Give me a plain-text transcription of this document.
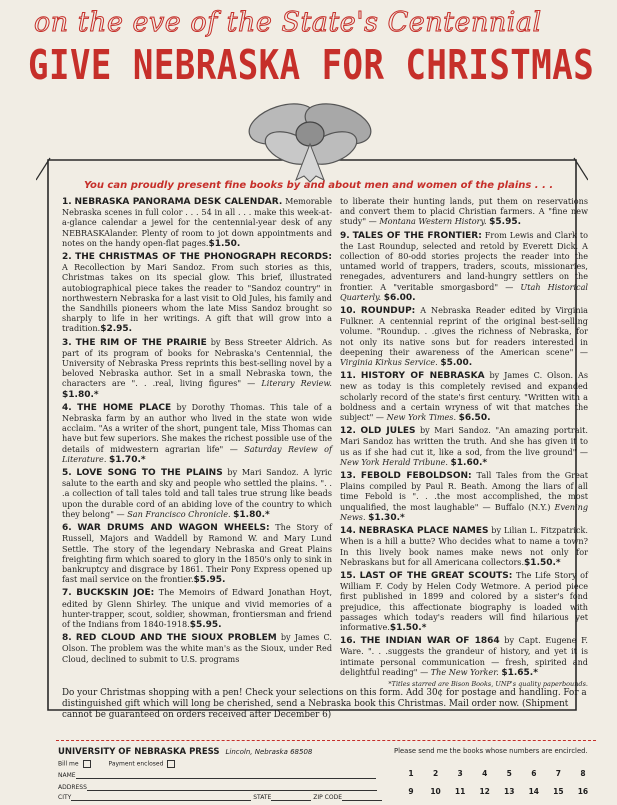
on the eve of the State's Centennial
GIVE NEBRASKA FOR CHRISTMAS
You can proudly present fine books by and about men and women of the plains . . .

1. NEBRASKA PANORAMA DESK CALENDAR. Memorable Nebraska scenes in full color . . . 54 in all . . . make this week-at-a-glance calendar a jewel for the centennial-year desk of any NEBRASKAlander. Plenty of room to jot down appointments and notes on the handy open-flat pages.$1.50.

2. THE CHRISTMAS OF THE PHONOGRAPH RECORDS: A Recollection by Mari Sandoz. From such stories as this, Christmas takes on its special glow. This brief, illustrated autobiographical piece takes the reader to "Sandoz country" in northwestern Nebraska for a last visit to Old Jules, his family and the Sandhills pioneers whom the late Miss Sandoz brought so sharply to life in her writings. A gift that will grow into a tradition.$2.95.

3. THE RIM OF THE PRAIRIE by Bess Streeter Aldrich. As part of its program of books for Nebraska's Centennial, the University of Nebraska Press reprints this best-selling novel by a beloved Nebraska author. Set in a small Nebraska town, the characters are ". . .real, living figures" — Literary Review. $1.80.*

4. THE HOME PLACE by Dorothy Thomas. This tale of a Nebraska farm by an author who lived in the state won wide acclaim. "As a writer of the short, pungent tale, Miss Thomas can have but few superiors. She makes the richest possible use of the details of midwestern agrarian life" — Saturday Review of Literature. $1.70.*

5. LOVE SONG TO THE PLAINS by Mari Sandoz. A lyric salute to the earth and sky and people who settled the plains. ". . .a collection of tall tales told and tall tales true strung like beads upon the durable cord of an abiding love of the country to which they belong" — San Francisco Chronicle. $1.80.*

6. WAR DRUMS AND WAGON WHEELS: The Story of Russell, Majors and Waddell by Ramond W. and Mary Lund Settle. The story of the legendary Nebraska and Great Plains freighting firm which soared to glory in the 1850's only to sink in bankruptcy and disgrace by 1861. Their Pony Express opened up fast mail service on the frontier.$5.95.

7. BUCKSKIN JOE: The Memoirs of Edward Jonathan Hoyt, edited by Glenn Shirley. The unique and vivid memories of a hunter-trapper, scout, soldier, showman, frontiersman and friend of the Indians from 1840-1918.$5.95.

8. RED CLOUD AND THE SIOUX PROBLEM by James C. Olson. The problem was the white man's as the Sioux, under Red Cloud, declined to submit to U.S. programs

to liberate their hunting lands, put them on reservations and convert them to placid Christian farmers. A "fine new study" — Montana Western History. $5.95.

9. TALES OF THE FRONTIER: From Lewis and Clark to the Last Roundup, selected and retold by Everett Dick. A collection of 80-odd stories projects the reader into the untamed world of trappers, traders, scouts, missionaries, renegades, adventurers and land-hungry settlers on the frontier. A "veritable smorgasbord" — Utah Historical Quarterly. $6.00.

10. ROUNDUP: A Nebraska Reader edited by Virginia Fulkner. A centennial reprint of the original best-selling volume. "Roundup. . .gives the richness of Nebraska, for not only its native sons but for readers interested in deepening their awareness of the American scene" — Virginia Kirkus Service. $5.00.

11. HISTORY OF NEBRASKA by James C. Olson. As new as today is this completely revised and expanded scholarly record of the state's first century. "Written with a boldness and a certain wryness of wit that matches the subject" — New York Times. $6.50.

12. OLD JULES by Mari Sandoz. "An amazing portrait. Mari Sandoz has written the truth. And she has given it to us as if she had cut it, like a sod, from the live ground" — New York Herald Tribune. $1.60.*

13. FEBOLD FEBOLDSON: Tall Tales from the Great Plains compiled by Paul R. Beath. Among the liars of all time Febold is ". . .the most accomplished, the most unqualified, the most laughable" — Buffalo (N.Y.) Evening News. $1.30.*

14. NEBRASKA PLACE NAMES by Lilian L. Fitzpatrick. When is a hill a butte? Who decides what to name a town? In this lively book names make news not only for Nebraskans but for all Americana collectors.$1.50.*

15. LAST OF THE GREAT SCOUTS: The Life Story of William F. Cody by Helen Cody Wetmore. A period piece first published in 1899 and colored by a sister's fond prejudice, this affectionate biography is loaded with passages which today's readers will find hilarious yet informative.$1.50.*

16. THE INDIAN WAR OF 1864 by Capt. Eugene F. Ware. ". . .suggests the grandeur of history, and yet it is intimate personal communication — fresh, spirited and delightful reading" — The New Yorker. $1.65.*

*Titles starred are Bison Books, UNP's quality paperbounds.
Do your Christmas shopping with a pen! Check your selections on this form. Add 30¢ for postage and handling. For a distinguished gift which will long be cherished, send a Nebraska book this Christmas. Mail order now. (Shipment cannot be guaranteed on orders received after December 6)
UNIVERSITY OF NEBRASKA PRESS Lincoln, Nebraska 68508
Bill me	Payment enclosed
NAME
ADDRESS
CITY	STATE	ZIP CODE
Please send me the books whose numbers are encircled.
1	2	3	4	5	6	7	8
9	10	11	12	13	14	15	16
